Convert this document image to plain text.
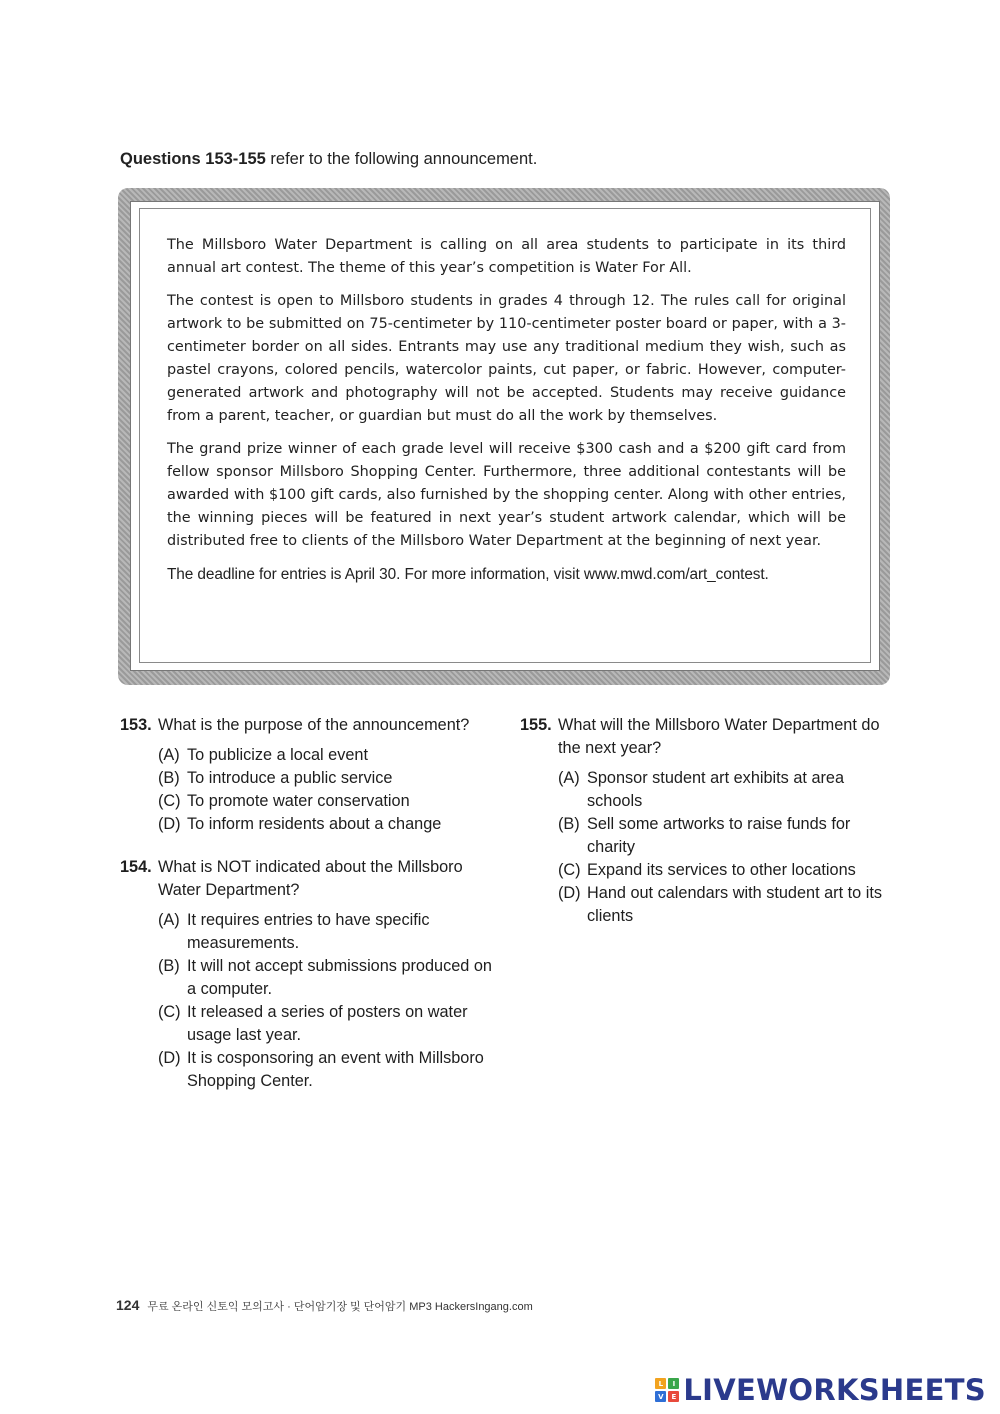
Questions 153-155 refer to the following announcement.

The Millsboro Water Department is calling on all area students to participate in its third annual art contest. The theme of this year’s competition is Water For All.

The contest is open to Millsboro students in grades 4 through 12. The rules call for original artwork to be submitted on 75-centimeter by 110-centimeter poster board or paper, with a 3-centimeter border on all sides. Entrants may use any traditional medium they wish, such as pastel crayons, colored pencils, watercolor paints, cut paper, or fabric. However, computer-generated artwork and photography will not be accepted. Students may receive guidance from a parent, teacher, or guardian but must do all the work by themselves.

The grand prize winner of each grade level will receive $300 cash and a $200 gift card from fellow sponsor Millsboro Shopping Center. Furthermore, three additional contestants will be awarded with $100 gift cards, also furnished by the shopping center. Along with other entries, the winning pieces will be featured in next year’s student artwork calendar, which will be distributed free to clients of the Millsboro Water Department at the beginning of next year.

The deadline for entries is April 30. For more information, visit www.mwd.com/art_contest.

153. What is the purpose of the announcement?
(A) To publicize a local event
(B) To introduce a public service
(C) To promote water conservation
(D) To inform residents about a change
154. What is NOT indicated about the Millsboro Water Department?
(A) It requires entries to have specific measurements.
(B) It will not accept submissions produced on a computer.
(C) It released a series of posters on water usage last year.
(D) It is cosponsoring an event with Millsboro Shopping Center.
155. What will the Millsboro Water Department do the next year?
(A) Sponsor student art exhibits at area schools
(B) Sell some artworks to raise funds for charity
(C) Expand its services to other locations
(D) Hand out calendars with student art to its clients
124 무료 온라인 신토익 모의고사 · 단어암기장 및 단어암기 MP3 HackersIngang.com
L	I
V	E LIVEWORKSHEETS
